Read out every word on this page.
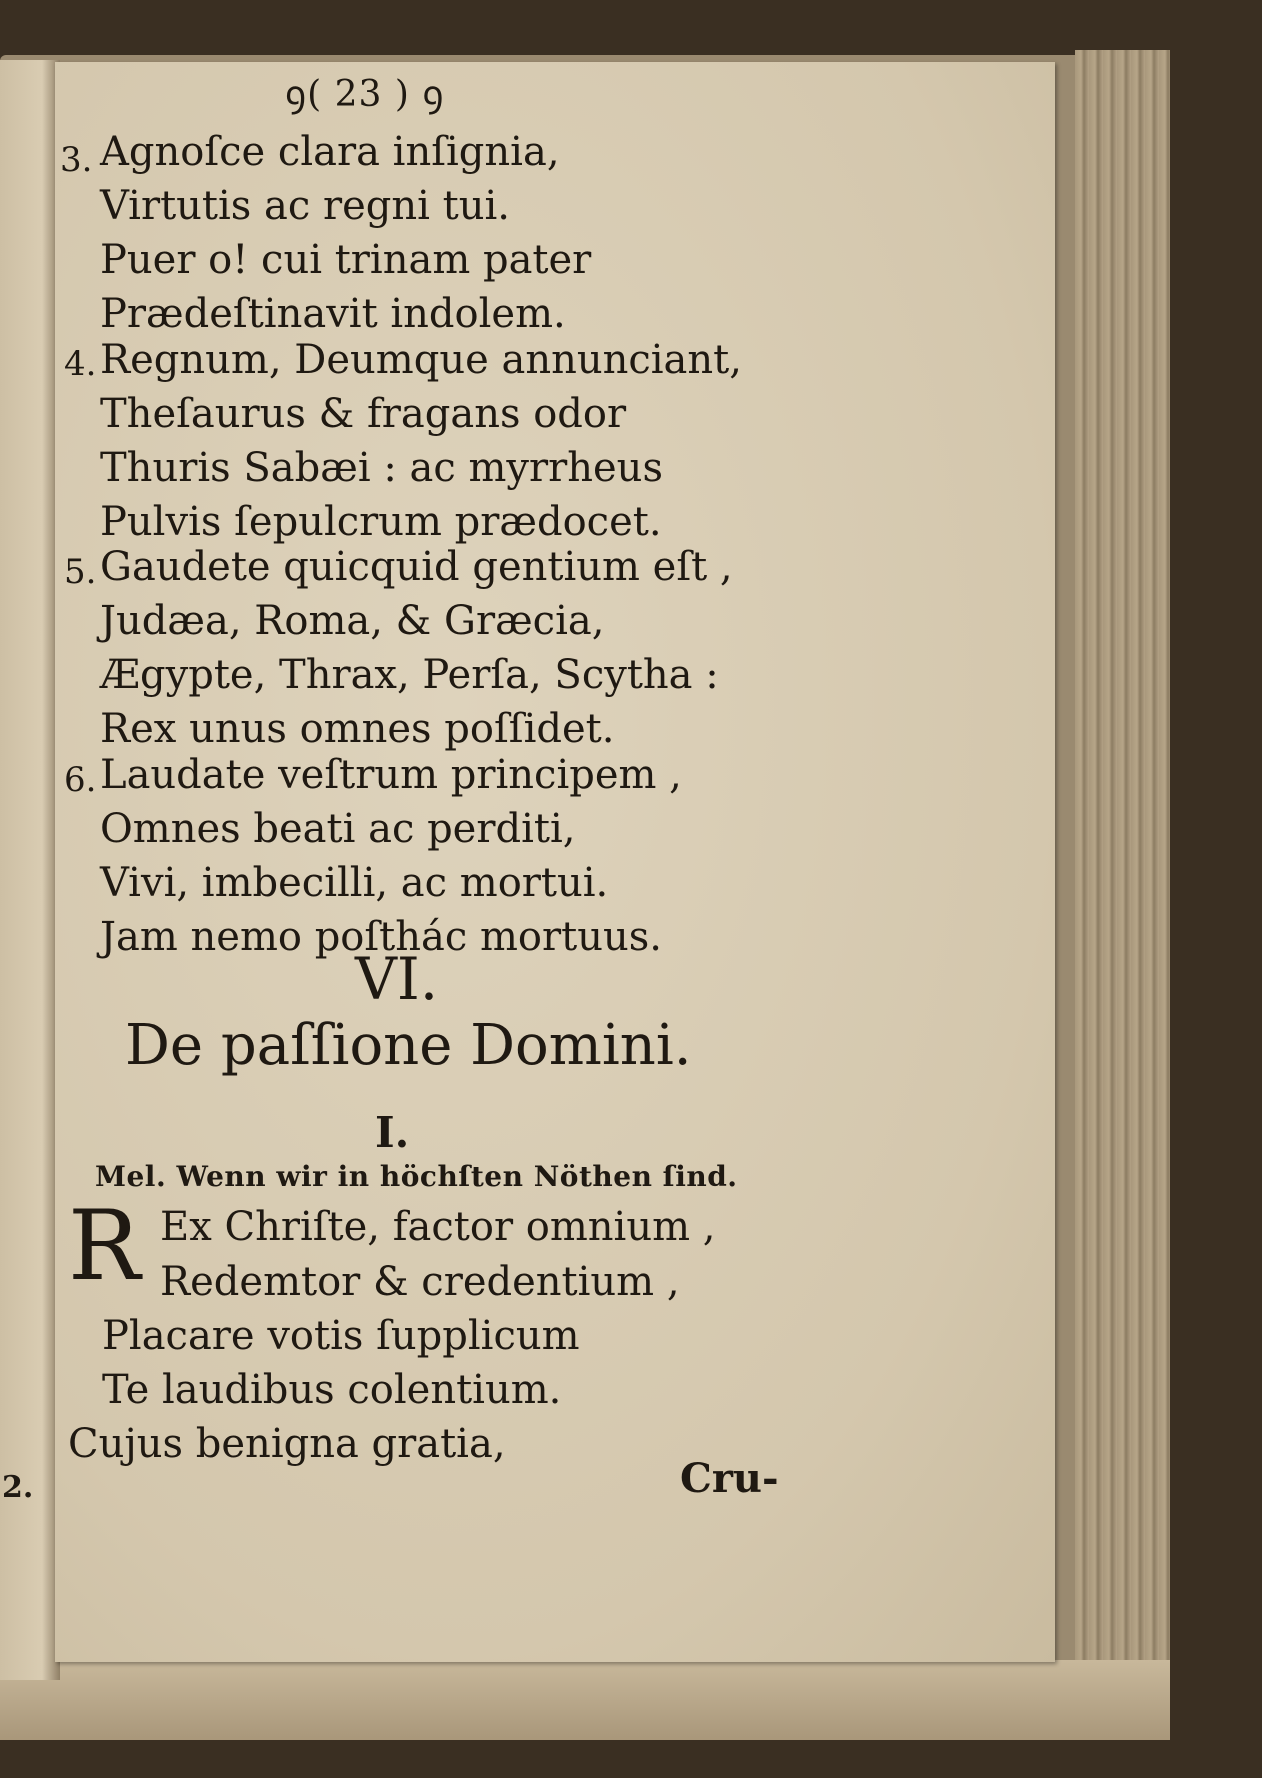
2.
ꝯ( 23 ) ꝯ
3. Agnoſce clara inſignia,
Virtutis ac regni tui.
Puer o! cui trinam pater
Prædeſtinavit indolem.
4. Regnum, Deumque annunciant,
Theſaurus & fragans odor
Thuris Sabæi : ac myrrheus
Pulvis ſepulcrum prædocet.
5. Gaudete quicquid gentium eſt ,
Judæa, Roma, & Græcia,
Ægypte, Thrax, Perſa, Scytha :
Rex unus omnes poſſidet.
6. Laudate veſtrum principem ,
Omnes beati ac perditi,
Vivi, imbecilli, ac mortui.
Jam nemo poſthác mortuus.
VI.
De paſſione Domini.
I.
Mel. Wenn wir in höchſten Nöthen ſind.
R Ex Chriſte, factor omnium ,
Redemtor & credentium ,
Placare votis ſupplicum
Te laudibus colentium.
Cujus benigna gratia,
Cru-
